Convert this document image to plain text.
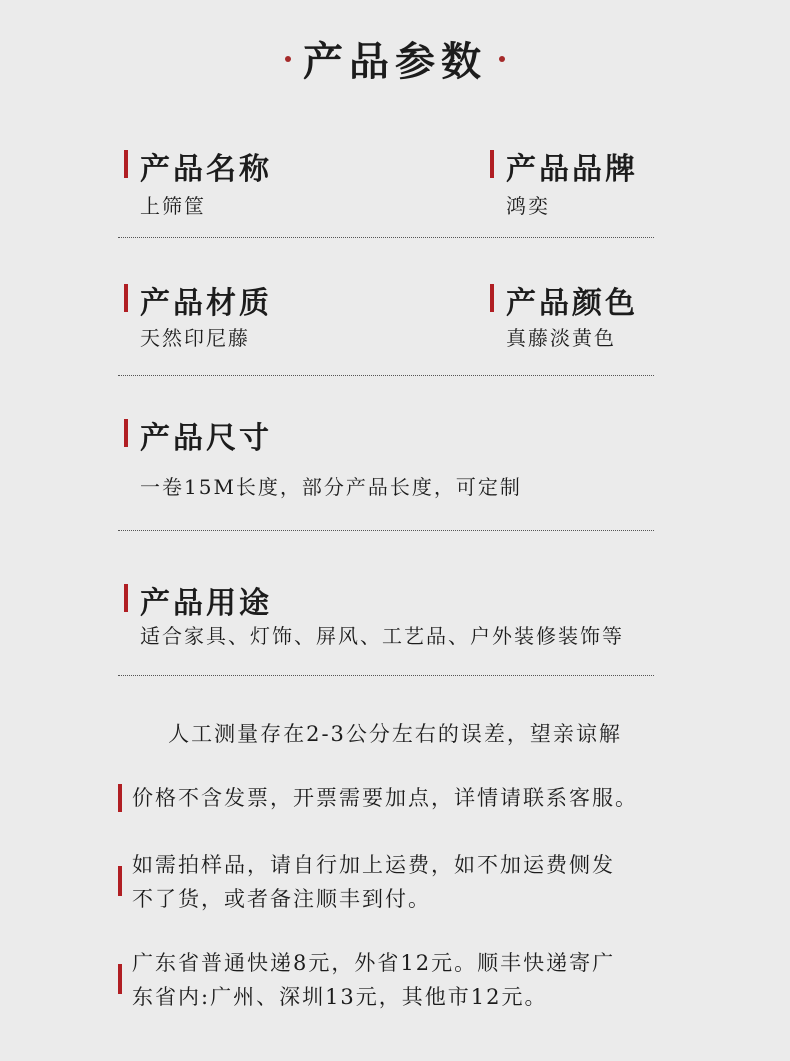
产品参数
产品名称
上筛筐
产品品牌
鸿奕
产品材质
天然印尼藤
产品颜色
真藤淡黄色
产品尺寸
一卷15M长度，部分产品长度，可定制
产品用途
适合家具、灯饰、屏风、工艺品、户外装修装饰等
人工测量存在2-3公分左右的误差，望亲谅解
价格不含发票，开票需要加点，详情请联系客服。
如需拍样品，请自行加上运费，如不加运费侧发
不了货，或者备注顺丰到付。
广东省普通快递8元，外省12元。顺丰快递寄广
东省内:广州、深圳13元，其他市12元。
